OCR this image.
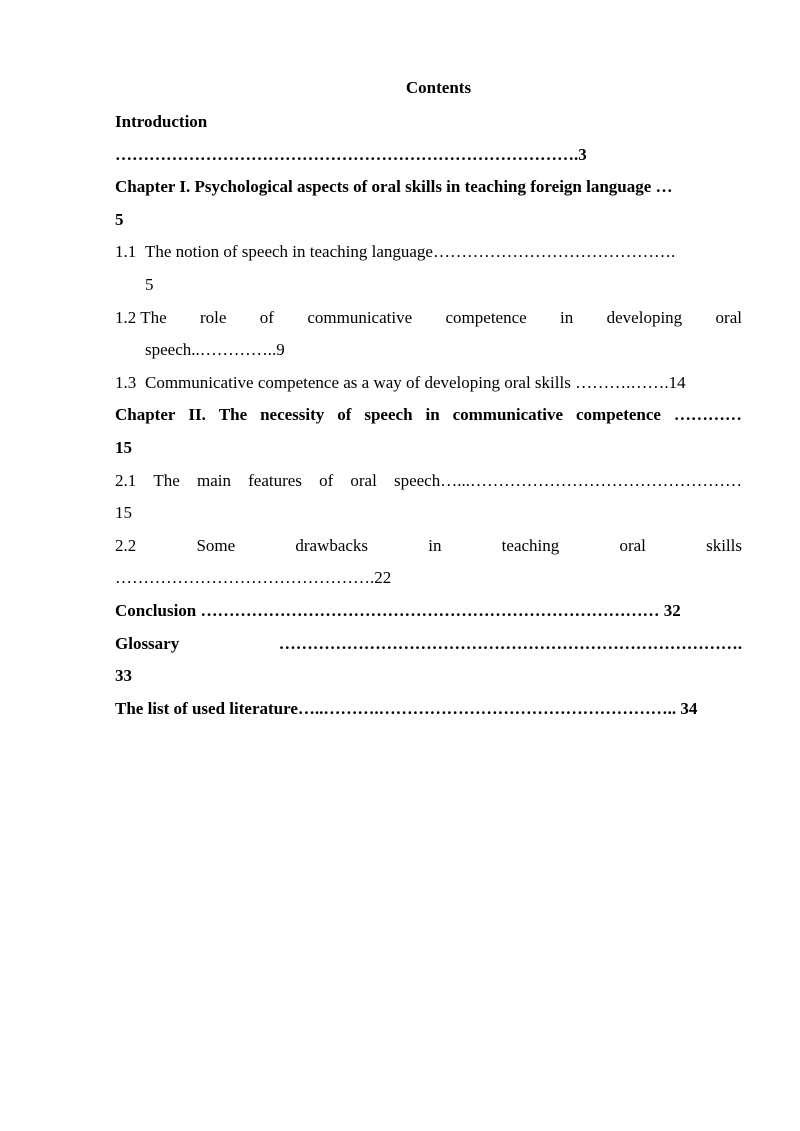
Contents
Introduction
……………………………………………………………………….3
Chapter I. Psychological aspects of oral skills in teaching foreign language …
5
1.1 The notion of speech in teaching language…………………………………….
5
1.2 The role of communicative competence in developing oral
speech..…………..9
1.3 Communicative competence as a way of developing oral skills ……….…….14
Chapter II. The necessity of speech in communicative competence …………
15
2.1 The main features of oral speech…...…………………………………………
15
2.2	Some	drawbacks	in	teaching	oral	skills
……………………………………….22
Conclusion ……………………………………………………………………… 32
Glossary	……………………………………………………………………….
33
The list of used literature…..……….…………………………………………….. 34
